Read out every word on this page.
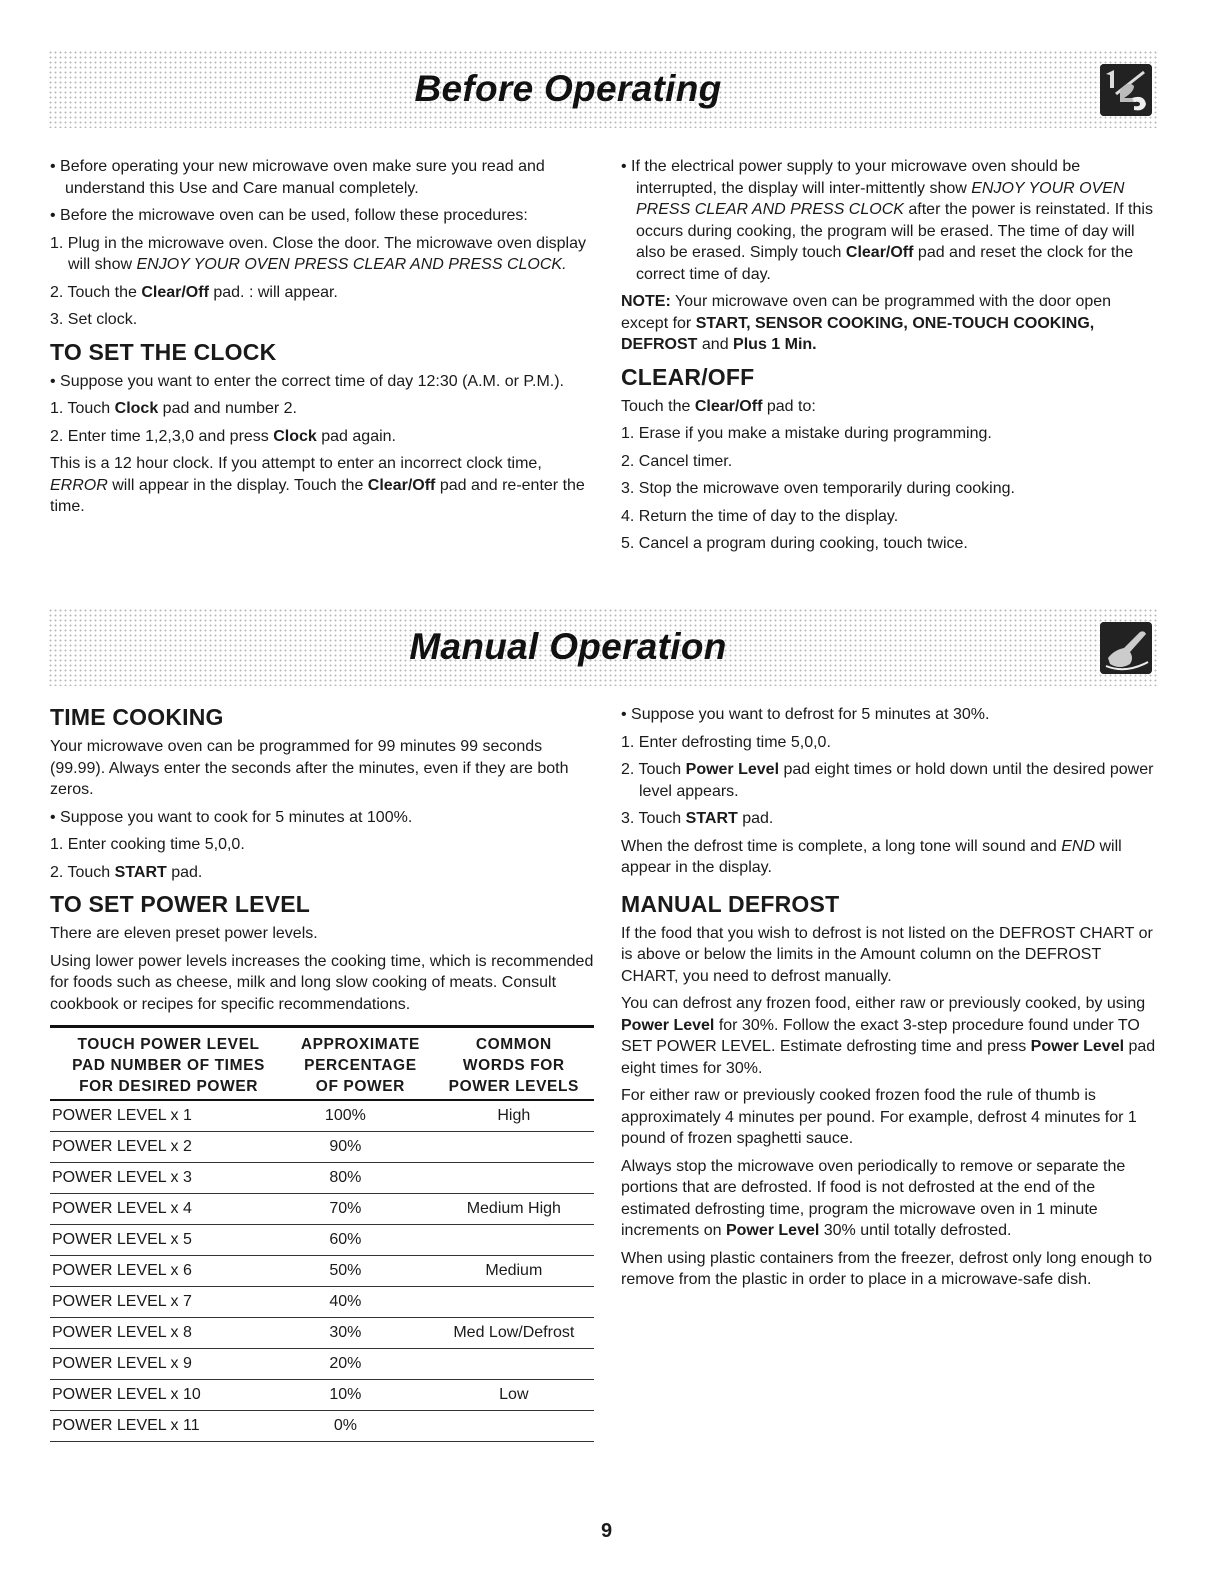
Before Operating

• Before operating your new microwave oven make sure you read and understand this Use and Care manual completely.

• Before the microwave oven can be used, follow these procedures:

1. Plug in the microwave oven. Close the door. The microwave oven display will show ENJOY YOUR OVEN PRESS CLEAR AND PRESS CLOCK.

2. Touch the Clear/Off pad. : will appear.

3. Set clock.

TO SET THE CLOCK

• Suppose you want to enter the correct time of day 12:30 (A.M. or P.M.).

1. Touch Clock pad and number 2.

2. Enter time 1,2,3,0 and press Clock pad again.

This is a 12 hour clock. If you attempt to enter an incorrect clock time, ERROR will appear in the display. Touch the Clear/Off pad and re-enter the time.

• If the electrical power supply to your microwave oven should be interrupted, the display will inter-mittently show ENJOY YOUR OVEN PRESS CLEAR AND PRESS CLOCK after the power is reinstated. If this occurs during cooking, the program will be erased. The time of day will also be erased. Simply touch Clear/Off pad and reset the clock for the correct time of day.

NOTE: Your microwave oven can be programmed with the door open except for START, SENSOR COOKING, ONE-TOUCH COOKING, DEFROST and Plus 1 Min.

CLEAR/OFF

Touch the Clear/Off pad to:

1. Erase if you make a mistake during programming.

2. Cancel timer.

3. Stop the microwave oven temporarily during cooking.

4. Return the time of day to the display.

5. Cancel a program during cooking, touch twice.

Manual Operation
TIME COOKING

Your microwave oven can be programmed for 99 minutes 99 seconds (99.99). Always enter the seconds after the minutes, even if they are both zeros.

• Suppose you want to cook for 5 minutes at 100%.

1. Enter cooking time 5,0,0.

2. Touch START pad.

TO SET POWER LEVEL

There are eleven preset power levels.

Using lower power levels increases the cooking time, which is recommended for foods such as cheese, milk and long slow cooking of meats. Consult cookbook or recipes for specific recommendations.

TOUCH POWER LEVEL
PAD NUMBER OF TIMES
FOR DESIRED POWER	APPROXIMATE
PERCENTAGE
OF POWER	COMMON
WORDS FOR
POWER LEVELS
POWER LEVEL x 1	100%	High
POWER LEVEL x 2	90%	
POWER LEVEL x 3	80%	
POWER LEVEL x 4	70%	Medium High
POWER LEVEL x 5	60%	
POWER LEVEL x 6	50%	Medium
POWER LEVEL x 7	40%	
POWER LEVEL x 8	30%	Med Low/Defrost
POWER LEVEL x 9	20%	
POWER LEVEL x 10	10%	Low
POWER LEVEL x 11	0%	

• Suppose you want to defrost for 5 minutes at 30%.

1. Enter defrosting time 5,0,0.

2. Touch Power Level pad eight times or hold down until the desired power level appears.

3. Touch START pad.

When the defrost time is complete, a long tone will sound and END will appear in the display.

MANUAL DEFROST

If the food that you wish to defrost is not listed on the DEFROST CHART or is above or below the limits in the Amount column on the DEFROST CHART, you need to defrost manually.

You can defrost any frozen food, either raw or previously cooked, by using Power Level for 30%. Follow the exact 3-step procedure found under TO SET POWER LEVEL. Estimate defrosting time and press Power Level pad eight times for 30%.

For either raw or previously cooked frozen food the rule of thumb is approximately 4 minutes per pound. For example, defrost 4 minutes for 1 pound of frozen spaghetti sauce.

Always stop the microwave oven periodically to remove or separate the portions that are defrosted. If food is not defrosted at the end of the estimated defrosting time, program the microwave oven in 1 minute increments on Power Level 30% until totally defrosted.

When using plastic containers from the freezer, defrost only long enough to remove from the plastic in order to place in a microwave-safe dish.

9
